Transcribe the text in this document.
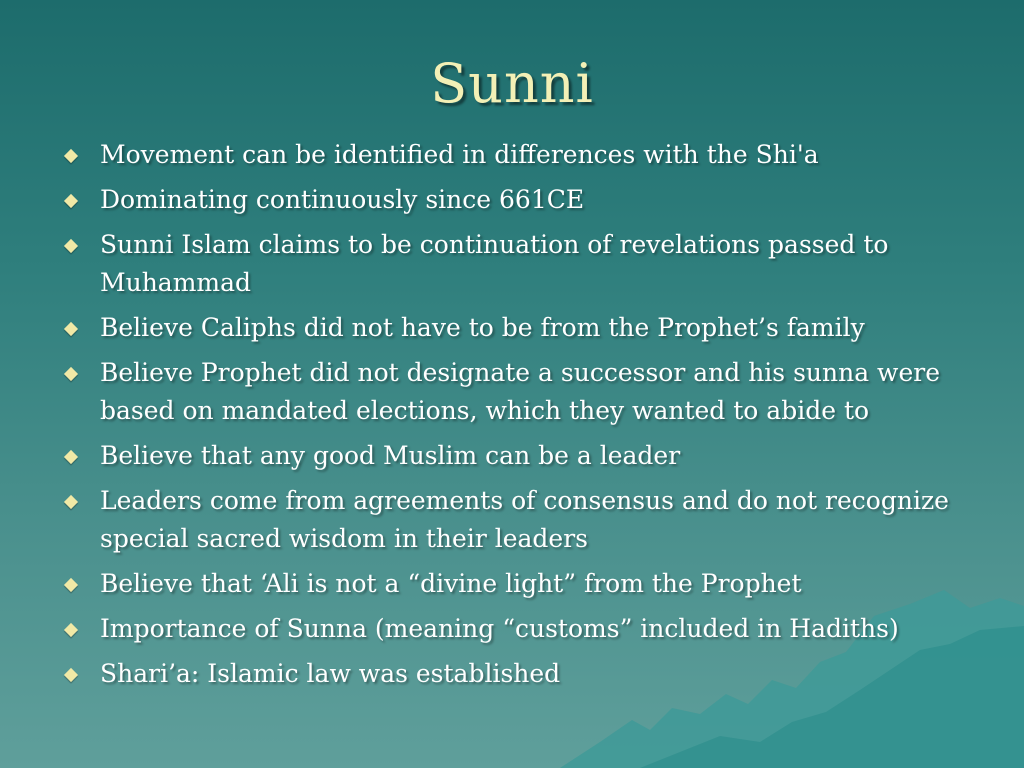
Sunni
Movement can be identified in differences with the Shi'a
Dominating continuously since 661CE
Sunni Islam claims to be continuation of revelations passed to Muhammad
Believe Caliphs did not have to be from the Prophet’s family
Believe Prophet did not designate a successor and his sunna were based on mandated elections, which they wanted to abide to
Believe that any good Muslim can be a leader
Leaders come from agreements of consensus and do not recognize special sacred wisdom in their leaders
Believe that ‘Ali is not a “divine light” from the Prophet
Importance of Sunna (meaning “customs” included in Hadiths)
Shari’a: Islamic law was established
